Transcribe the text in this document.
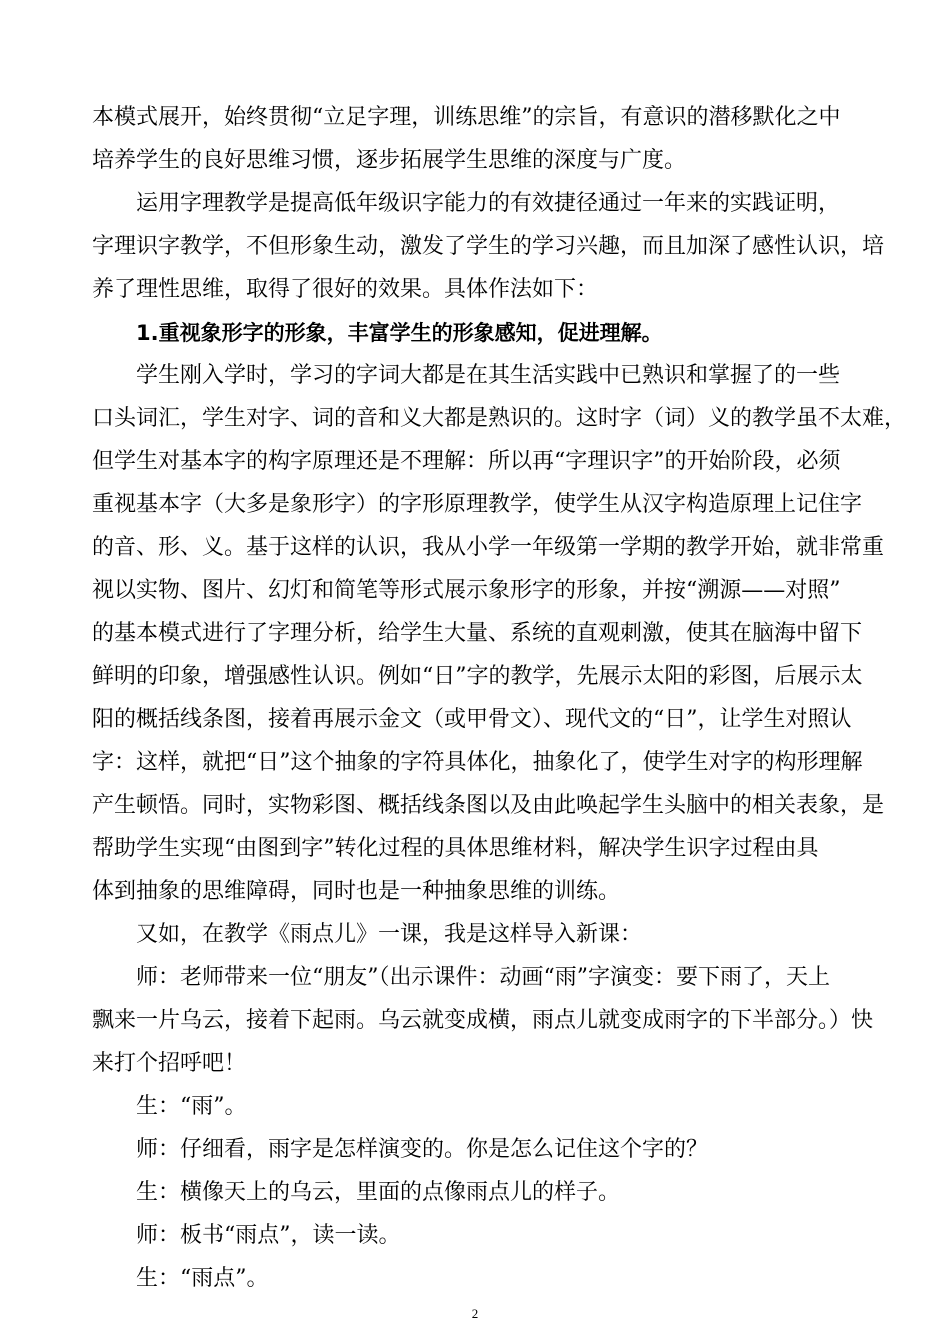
本模式展开，始终贯彻“立足字理，训练思维”的宗旨，有意识的潜移默化之中
培养学生的良好思维习惯，逐步拓展学生思维的深度与广度。
运用字理教学是提高低年级识字能力的有效捷径通过一年来的实践证明，
字理识字教学，不但形象生动，激发了学生的学习兴趣，而且加深了感性认识，培
养了理性思维，取得了很好的效果。具体作法如下：
1.重视象形字的形象，丰富学生的形象感知，促进理解。
学生刚入学时，学习的字词大都是在其生活实践中已熟识和掌握了的一些
口头词汇，学生对字、词的音和义大都是熟识的。这时字（词）义的教学虽不太难，
但学生对基本字的构字原理还是不理解：所以再“字理识字”的开始阶段，必须
重视基本字（大多是象形字）的字形原理教学，使学生从汉字构造原理上记住字
的音、形、义。基于这样的认识，我从小学一年级第一学期的教学开始，就非常重
视以实物、图片、幻灯和简笔等形式展示象形字的形象，并按“溯源——对照”
的基本模式进行了字理分析，给学生大量、系统的直观刺激，使其在脑海中留下
鲜明的印象，增强感性认识。例如“日”字的教学，先展示太阳的彩图，后展示太
阳的概括线条图，接着再展示金文（或甲骨文）、现代文的“日”，让学生对照认
字：这样，就把“日”这个抽象的字符具体化，抽象化了，使学生对字的构形理解
产生顿悟。同时，实物彩图、概括线条图以及由此唤起学生头脑中的相关表象，是
帮助学生实现“由图到字”转化过程的具体思维材料，解决学生识字过程由具
体到抽象的思维障碍，同时也是一种抽象思维的训练。
又如，在教学《雨点儿》一课，我是这样导入新课：
师：老师带来一位“朋友”（出示课件：动画“雨”字演变：要下雨了，天上
飘来一片乌云，接着下起雨。乌云就变成横，雨点儿就变成雨字的下半部分。）快
来打个招呼吧！
生：“雨”。
师：仔细看，雨字是怎样演变的。你是怎么记住这个字的？
生：横像天上的乌云，里面的点像雨点儿的样子。
师：板书“雨点”，读一读。
生：“雨点”。
2
